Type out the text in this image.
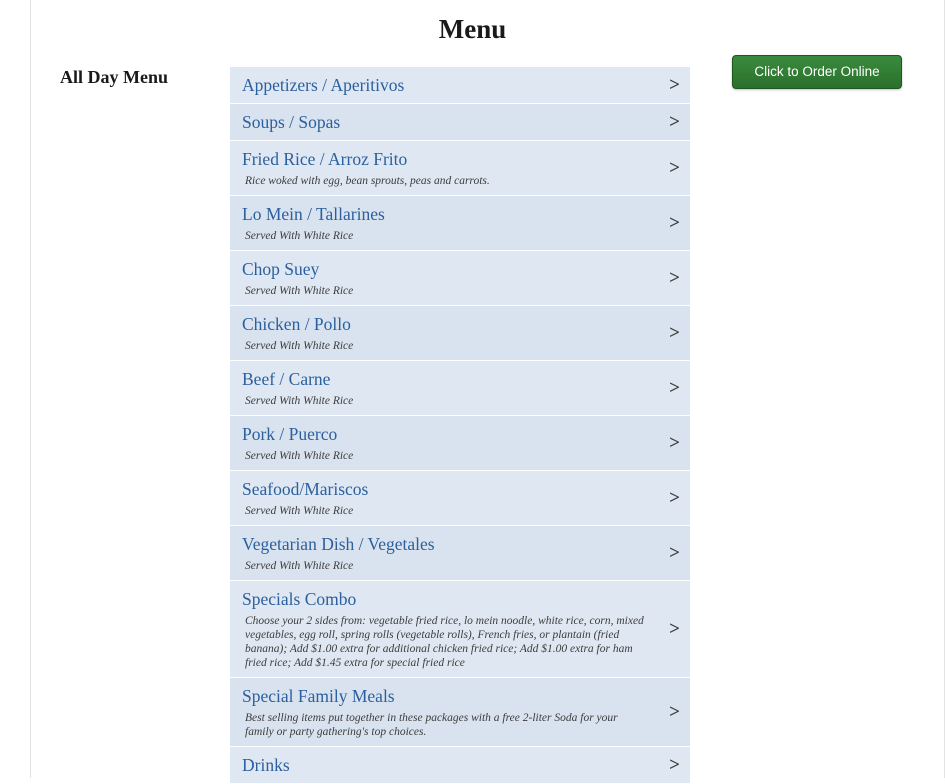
Menu
All Day Menu	Click to Order Online
Appetizers / Aperitivos	>
Soups / Sopas	>
Fried Rice / Arroz Frito
Rice woked with egg, bean sprouts, peas and carrots.
>
Lo Mein / Tallarines
Served With White Rice
>
Chop Suey
Served With White Rice
>
Chicken / Pollo
Served With White Rice
>
Beef / Carne
Served With White Rice
>
Pork / Puerco
Served With White Rice
>
Seafood/Mariscos
Served With White Rice
>
Vegetarian Dish / Vegetales
Served With White Rice
>
Specials Combo
Choose your 2 sides from: vegetable fried rice, lo mein noodle, white rice, corn, mixed vegetables, egg roll, spring rolls (vegetable rolls), French fries, or plantain (fried banana); Add $1.00 extra for additional chicken fried rice; Add $1.00 extra for ham fried rice; Add $1.45 extra for special fried rice
>
Special Family Meals
Best selling items put together in these packages with a free 2-liter Soda for your family or party gathering's top choices.
>
Drinks	>
